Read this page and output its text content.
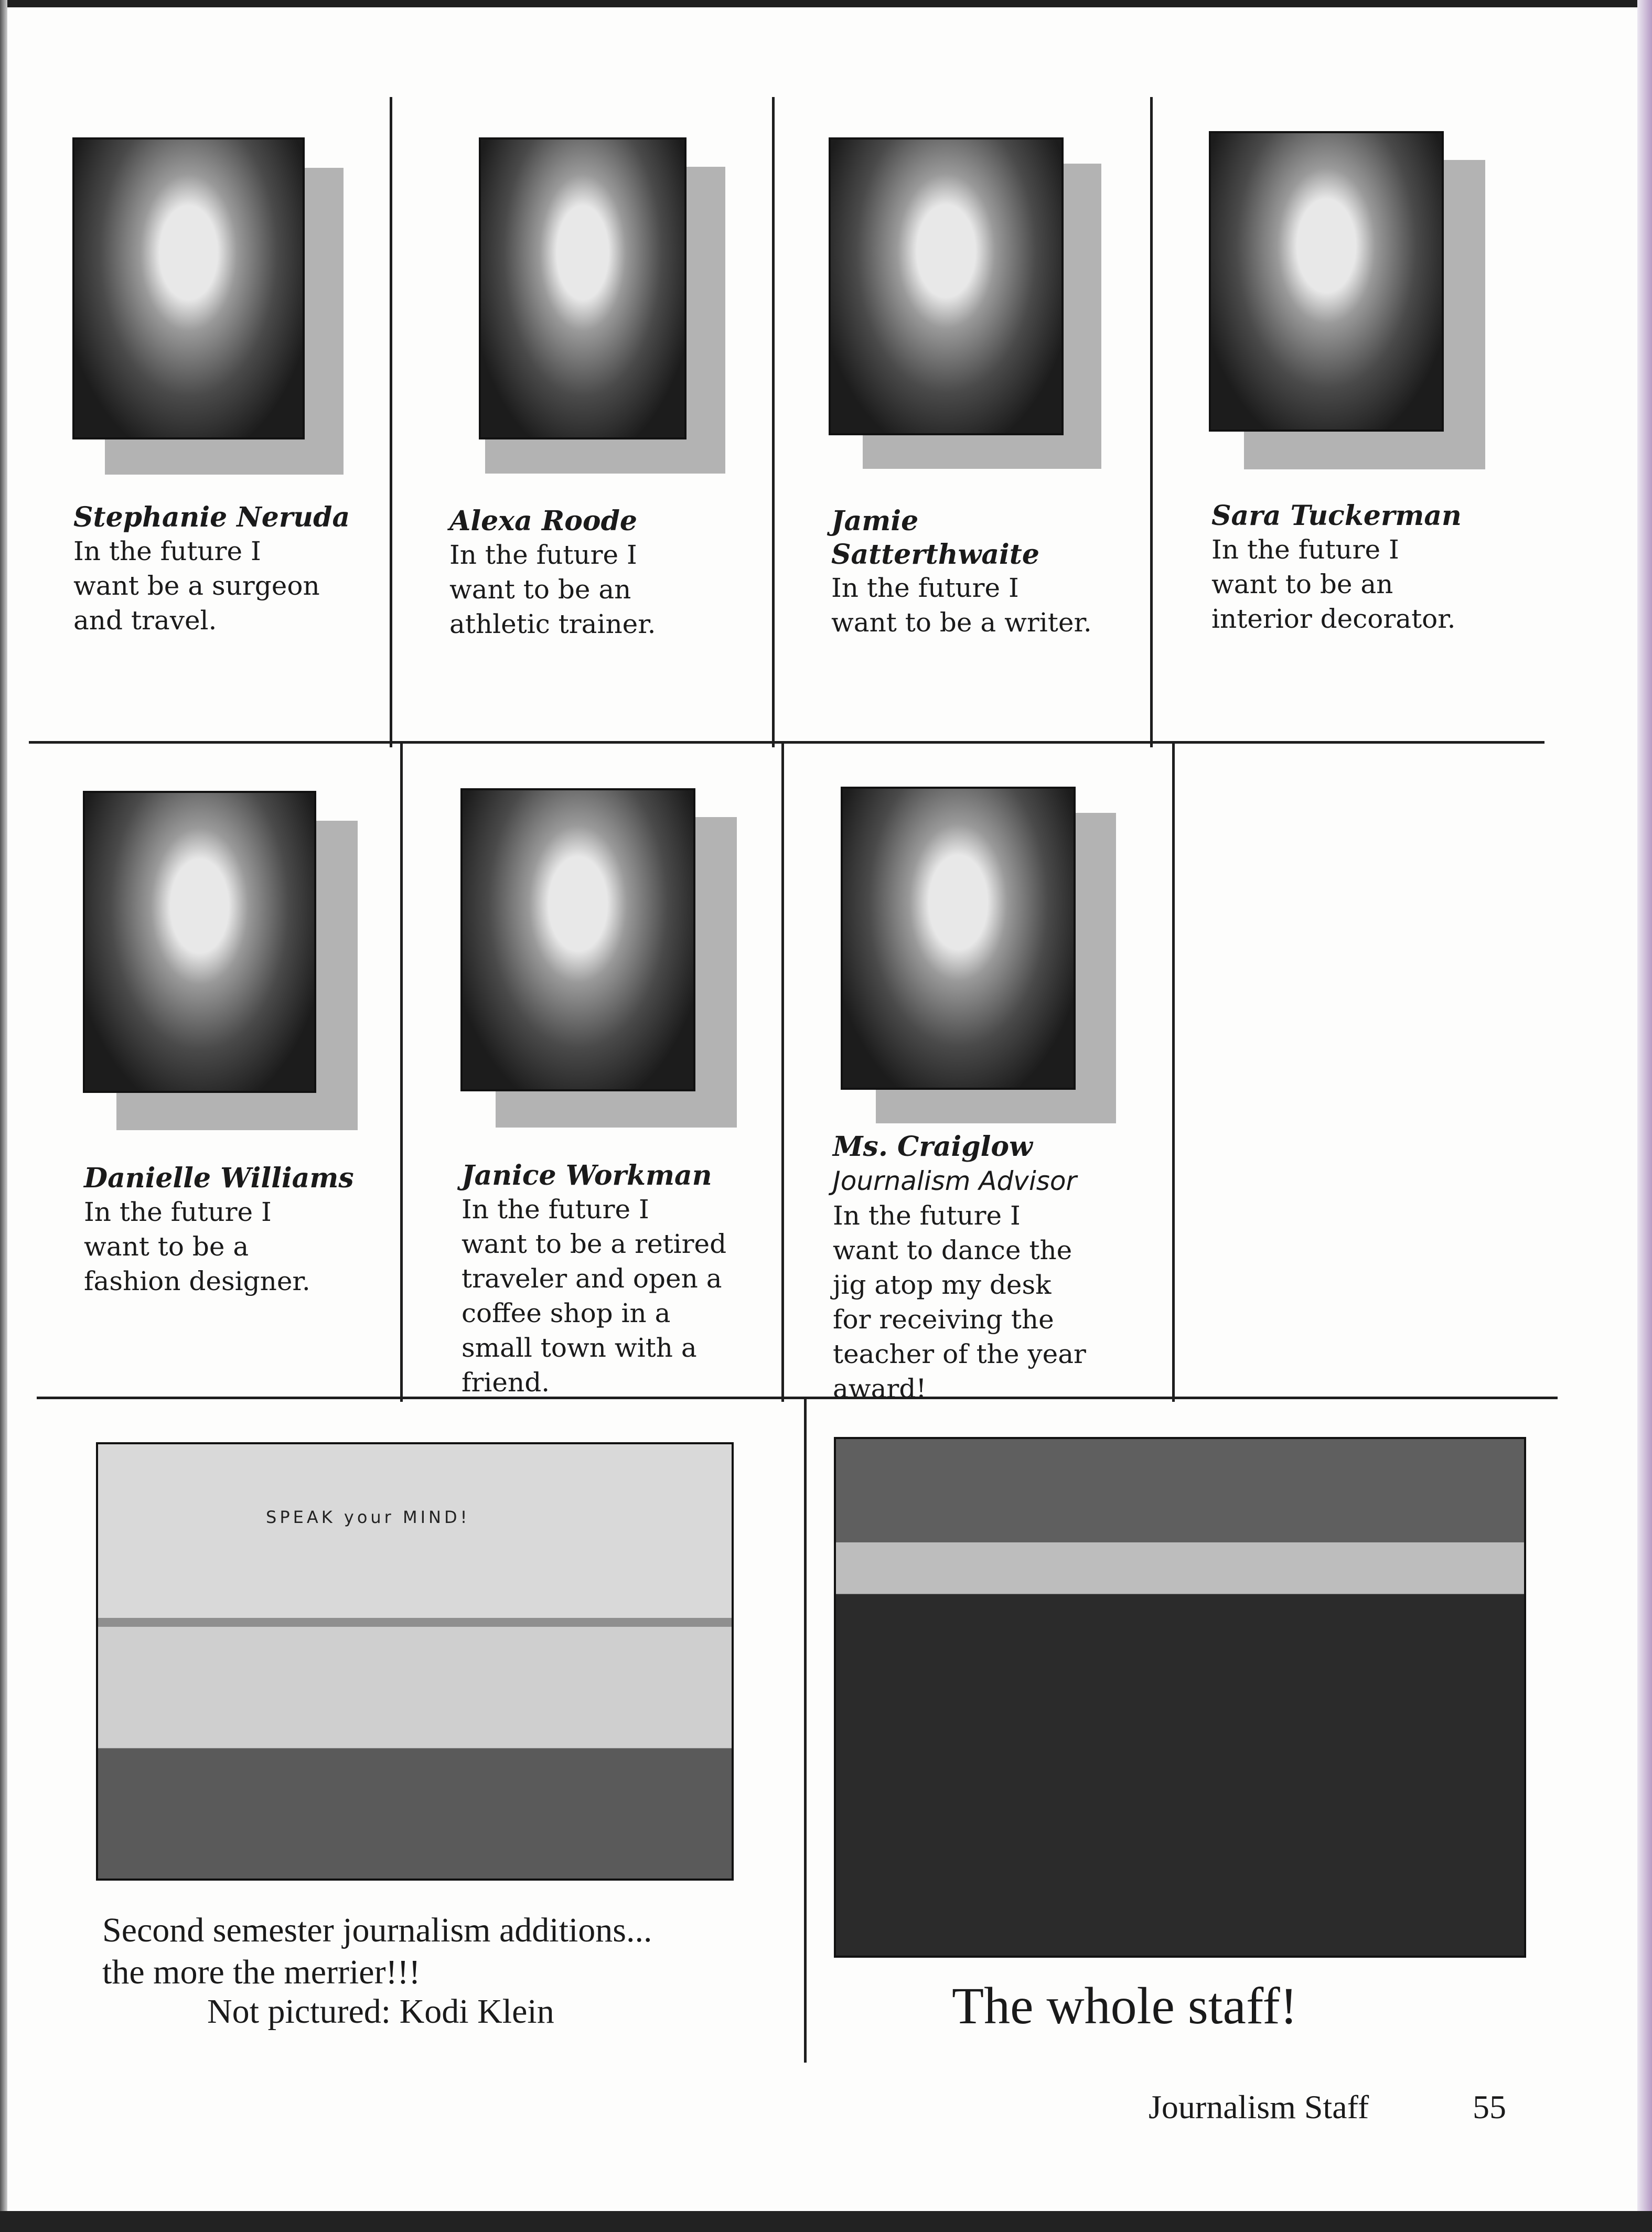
Stephanie Neruda
In the future I
want be a surgeon
and travel.
Alexa Roode
In the future I
want to be an
athletic trainer.
Jamie
Satterthwaite
In the future I
want to be a writer.
Sara Tuckerman
In the future I
want to be an
interior decorator.
Danielle Williams
In the future I
want to be a
fashion designer.
Janice Workman
In the future I
want to be a retired
traveler and open a
coffee shop in a
small town with a
friend.
Ms. Craiglow
Journalism Advisor
In the future I
want to dance the
jig atop my desk
for receiving the
teacher of the year
award!
SPEAK your MIND!
Second semester journalism additions...
the more the merrier!!!
Not pictured: Kodi Klein	The whole staff!
Journalism Staff	55
